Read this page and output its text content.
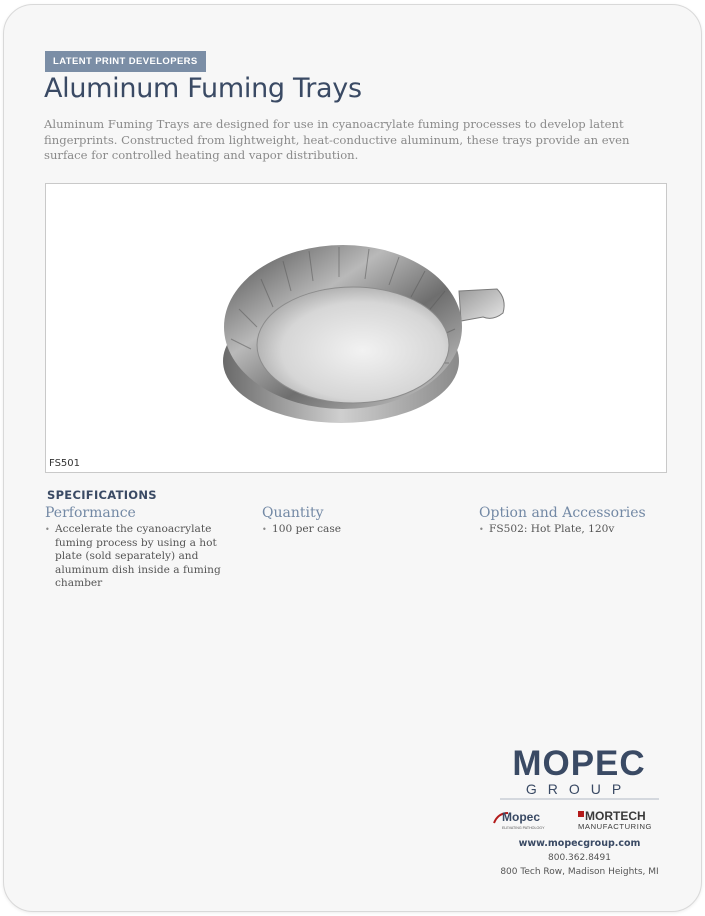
LATENT PRINT DEVELOPERS
Aluminum Fuming Trays

Aluminum Fuming Trays are designed for use in cyanoacrylate fuming processes to develop latent fingerprints. Constructed from lightweight, heat-conductive aluminum, these trays provide an even surface for controlled heating and vapor distribution.

FS501
SPECIFICATIONS
Performance
• Accelerate the cyanoacrylate fuming process by using a hot plate (sold separately) and aluminum dish inside a fuming chamber
Quantity
• 100 per case
Option and Accessories
• FS502: Hot Plate, 120v
MOPEC
GROUP
Mopec
ELEVATING PATHOLOGY
MORTECH
MANUFACTURING
www.mopecgroup.com
800.362.8491
800 Tech Row, Madison Heights, MI
